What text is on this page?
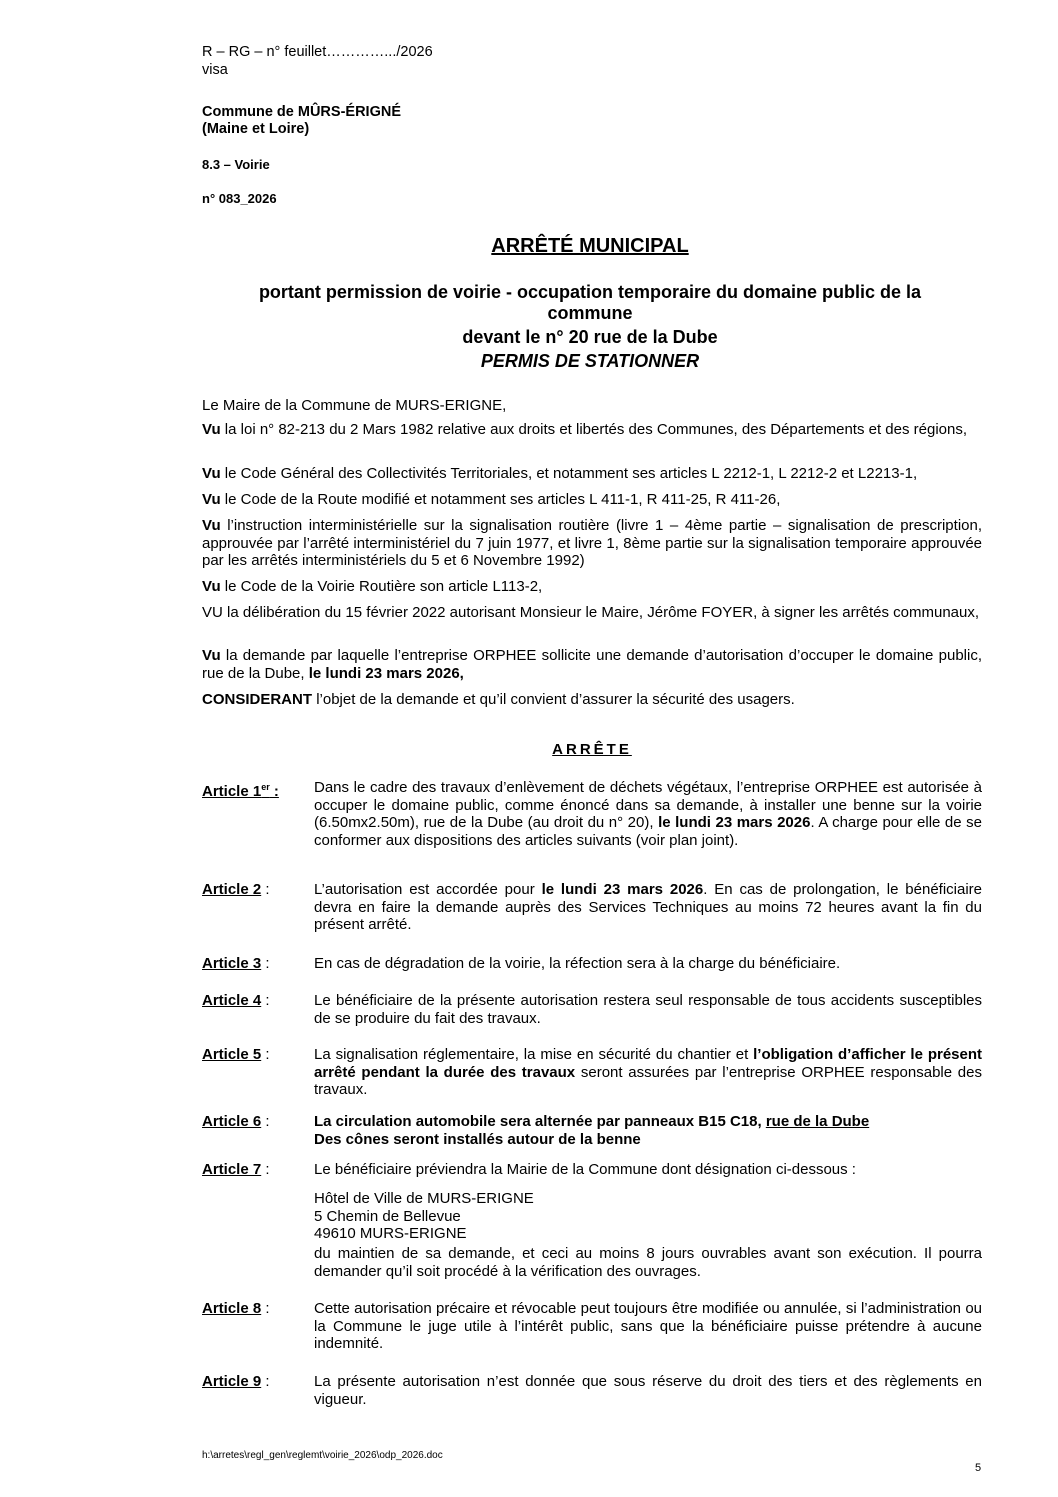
R – RG – n° feuillet………….../2026
visa
Commune de MÛRS-ÉRIGNÉ
(Maine et Loire)
8.3 – Voirie
n° 083_2026
ARRÊTÉ MUNICIPAL
portant permission de voirie - occupation temporaire du domaine public de la
commune
devant le n° 20 rue de la Dube
PERMIS DE STATIONNER
Le Maire de la Commune de MURS-ERIGNE,
Vu la loi n° 82-213 du 2 Mars 1982 relative aux droits et libertés des Communes, des Départements et des régions,
Vu le Code Général des Collectivités Territoriales, et notamment ses articles L 2212-1, L 2212-2 et L2213-1,
Vu le Code de la Route modifié et notamment ses articles L 411-1, R 411-25, R 411-26,
Vu l’instruction interministérielle sur la signalisation routière (livre 1 – 4ème partie – signalisation de prescription, approuvée par l’arrêté interministériel du 7 juin 1977, et livre 1, 8ème partie sur la signalisation temporaire approuvée par les arrêtés interministériels du 5 et 6 Novembre 1992)
Vu le Code de la Voirie Routière son article L113-2,
VU la délibération du 15 février 2022 autorisant Monsieur le Maire, Jérôme FOYER, à signer les arrêtés communaux,
Vu la demande par laquelle l’entreprise ORPHEE sollicite une demande d’autorisation d’occuper le domaine public, rue de la Dube, le lundi 23 mars 2026,
CONSIDERANT l’objet de la demande et qu’il convient d’assurer la sécurité des usagers.
ARRÊTE
Article 1er : Dans le cadre des travaux d’enlèvement de déchets végétaux, l’entreprise ORPHEE est autorisée à occuper le domaine public, comme énoncé dans sa demande, à installer une benne sur la voirie (6.50mx2.50m), rue de la Dube (au droit du n° 20), le lundi 23 mars 2026. A charge pour elle de se conformer aux dispositions des articles suivants (voir plan joint).
Article 2 :	L’autorisation est accordée pour le lundi 23 mars 2026. En cas de prolongation, le bénéficiaire devra en faire la demande auprès des Services Techniques au moins 72 heures avant la fin du présent arrêté.
Article 3 :	En cas de dégradation de la voirie, la réfection sera à la charge du bénéficiaire.
Article 4 :	Le bénéficiaire de la présente autorisation restera seul responsable de tous accidents susceptibles de se produire du fait des travaux.
Article 5 :	La signalisation réglementaire, la mise en sécurité du chantier et l’obligation d’afficher le présent arrêté pendant la durée des travaux seront assurées par l’entreprise ORPHEE responsable des travaux.
Article 6 :	La circulation automobile sera alternée par panneaux B15 C18, rue de la Dube
Des cônes seront installés autour de la benne
Article 7 :	Le bénéficiaire préviendra la Mairie de la Commune dont désignation ci-dessous :
Hôtel de Ville de MURS-ERIGNE
5 Chemin de Bellevue
49610 MURS-ERIGNE
du maintien de sa demande, et ceci au moins 8 jours ouvrables avant son exécution. Il pourra demander qu’il soit procédé à la vérification des ouvrages.
Article 8 :	Cette autorisation précaire et révocable peut toujours être modifiée ou annulée, si l’administration ou la Commune le juge utile à l’intérêt public, sans que la bénéficiaire puisse prétendre à aucune indemnité.
Article 9 :	La présente autorisation n’est donnée que sous réserve du droit des tiers et des règlements en vigueur.
h:\arretes\regl_gen\reglemt\voirie_2026\odp_2026.doc
5
